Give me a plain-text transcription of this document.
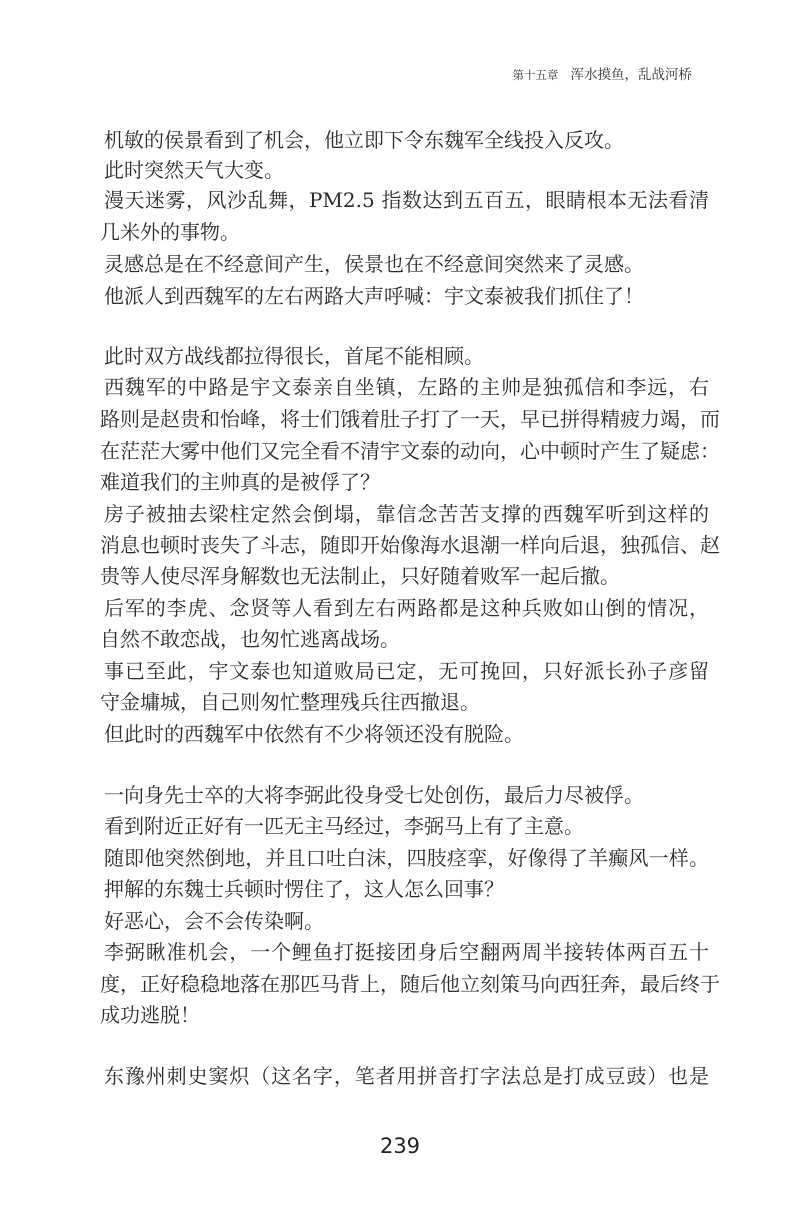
第十五章 浑水摸鱼，乱战河桥
机敏的侯景看到了机会，他立即下令东魏军全线投入反攻。
此时突然天气大变。
漫天迷雾，风沙乱舞，PM2.5 指数达到五百五，眼睛根本无法看清
几米外的事物。
灵感总是在不经意间产生，侯景也在不经意间突然来了灵感。
他派人到西魏军的左右两路大声呼喊：宇文泰被我们抓住了！
此时双方战线都拉得很长，首尾不能相顾。
西魏军的中路是宇文泰亲自坐镇，左路的主帅是独孤信和李远，右
路则是赵贵和怡峰，将士们饿着肚子打了一天，早已拼得精疲力竭，而
在茫茫大雾中他们又完全看不清宇文泰的动向，心中顿时产生了疑虑：
难道我们的主帅真的是被俘了？
房子被抽去梁柱定然会倒塌，靠信念苦苦支撑的西魏军听到这样的
消息也顿时丧失了斗志，随即开始像海水退潮一样向后退，独孤信、赵
贵等人使尽浑身解数也无法制止，只好随着败军一起后撤。
后军的李虎、念贤等人看到左右两路都是这种兵败如山倒的情况，
自然不敢恋战，也匆忙逃离战场。
事已至此，宇文泰也知道败局已定，无可挽回，只好派长孙子彦留
守金墉城，自己则匆忙整理残兵往西撤退。
但此时的西魏军中依然有不少将领还没有脱险。
一向身先士卒的大将李弼此役身受七处创伤，最后力尽被俘。
看到附近正好有一匹无主马经过，李弼马上有了主意。
随即他突然倒地，并且口吐白沫，四肢痉挛，好像得了羊癫风一样。
押解的东魏士兵顿时愣住了，这人怎么回事？
好恶心，会不会传染啊。
李弼瞅准机会，一个鲤鱼打挺接团身后空翻两周半接转体两百五十
度，正好稳稳地落在那匹马背上，随后他立刻策马向西狂奔，最后终于
成功逃脱！
东豫州刺史窦炽（这名字，笔者用拼音打字法总是打成豆豉）也是
239
